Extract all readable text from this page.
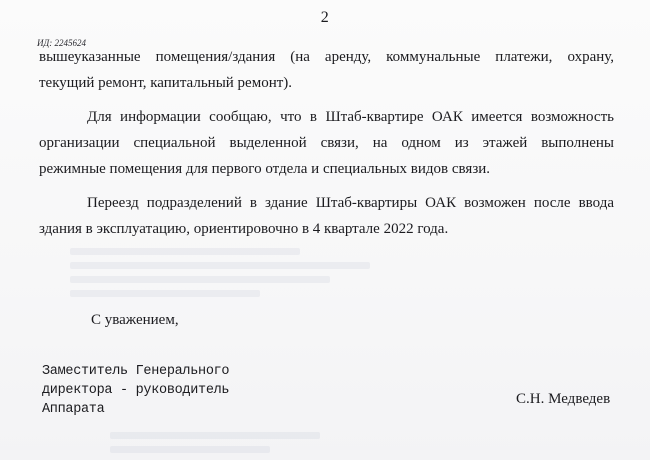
2
ИД: 2245624
вышеуказанные помещения/здания (на аренду, коммунальные платежи, охрану,
текущий ремонт, капитальный ремонт).
Для информации сообщаю, что в Штаб-квартире ОАК имеется возможность
организации специальной выделенной связи, на одном из этажей выполнены
режимные помещения для первого отдела и специальных видов связи.
Переезд подразделений в здание Штаб-квартиры ОАК возможен после ввода
здания в эксплуатацию, ориентировочно в 4 квартале 2022 года.
С уважением,
Заместитель Генерального
директора - руководитель
Аппарата
С.Н. Медведев
